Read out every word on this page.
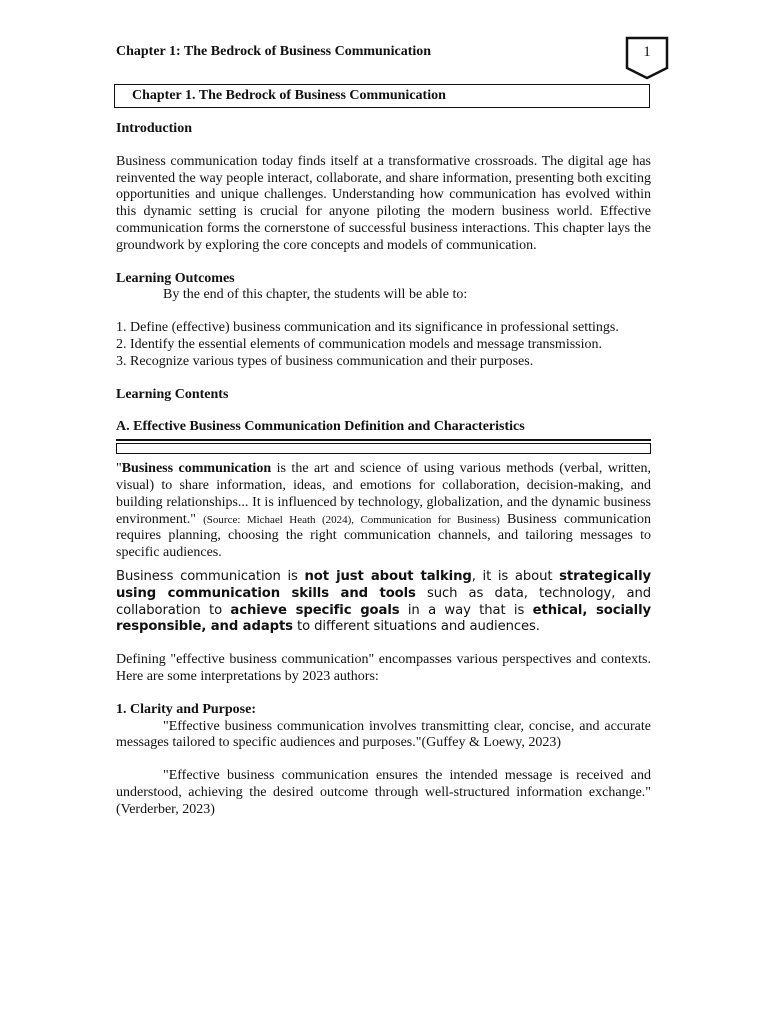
Chapter 1: The Bedrock of Business Communication	1
Chapter 1. The Bedrock of Business Communication
Introduction

Business communication today finds itself at a transformative crossroads. The digital age has reinvented the way people interact, collaborate, and share information, presenting both exciting opportunities and unique challenges. Understanding how communication has evolved within this dynamic setting is crucial for anyone piloting the modern business world. Effective communication forms the cornerstone of successful business interactions. This chapter lays the groundwork by exploring the core concepts and models of communication.

Learning Outcomes

By the end of this chapter, the students will be able to:

1. Define (effective) business communication and its significance in professional settings.
2. Identify the essential elements of communication models and message transmission.
3. Recognize various types of business communication and their purposes.
Learning Contents
A. Effective Business Communication Definition and Characteristics

"Business communication is the art and science of using various methods (verbal, written, visual) to share information, ideas, and emotions for collaboration, decision-making, and building relationships... It is influenced by technology, globalization, and the dynamic business environment." (Source: Michael Heath (2024), Communication for Business) Business communication requires planning, choosing the right communication channels, and tailoring messages to specific audiences.

Business communication is not just about talking, it is about strategically using communication skills and tools such as data, technology, and collaboration to achieve specific goals in a way that is ethical, socially responsible, and adapts to different situations and audiences.

Defining "effective business communication" encompasses various perspectives and contexts. Here are some interpretations by 2023 authors:

1. Clarity and Purpose:

"Effective business communication involves transmitting clear, concise, and accurate messages tailored to specific audiences and purposes."(Guffey & Loewy, 2023)

"Effective business communication ensures the intended message is received and understood, achieving the desired outcome through well-structured information exchange." (Verderber, 2023)
